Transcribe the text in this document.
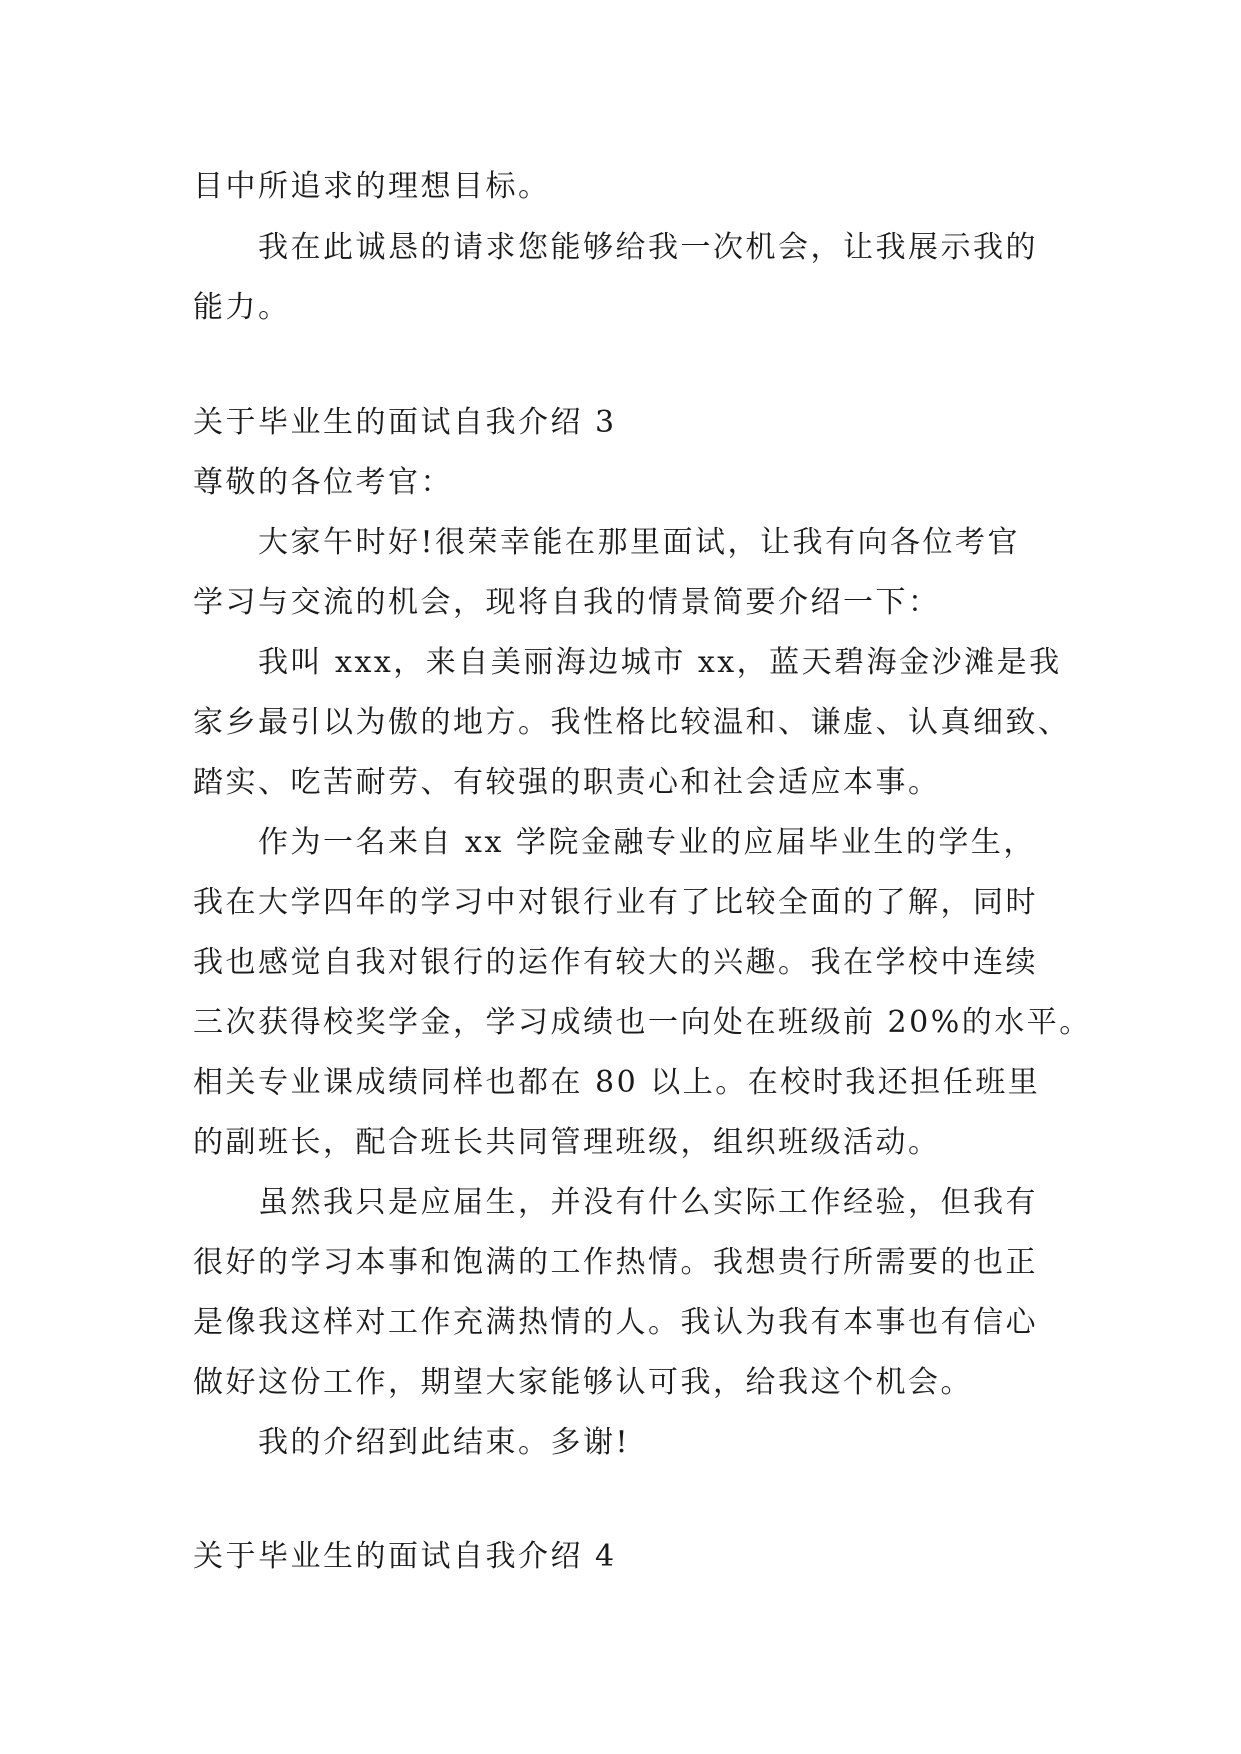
目中所追求的理想目标。

我在此诚恳的请求您能够给我一次机会，让我展示我的

能力。

关于毕业生的面试自我介绍 3

尊敬的各位考官：

大家午时好!很荣幸能在那里面试，让我有向各位考官

学习与交流的机会，现将自我的情景简要介绍一下：

我叫 xxx，来自美丽海边城市 xx，蓝天碧海金沙滩是我

家乡最引以为傲的地方。我性格比较温和、谦虚、认真细致、

踏实、吃苦耐劳、有较强的职责心和社会适应本事。

作为一名来自 xx 学院金融专业的应届毕业生的学生，

我在大学四年的学习中对银行业有了比较全面的了解，同时

我也感觉自我对银行的运作有较大的兴趣。我在学校中连续

三次获得校奖学金，学习成绩也一向处在班级前 20%的水平。

相关专业课成绩同样也都在 80 以上。在校时我还担任班里

的副班长，配合班长共同管理班级，组织班级活动。

虽然我只是应届生，并没有什么实际工作经验，但我有

很好的学习本事和饱满的工作热情。我想贵行所需要的也正

是像我这样对工作充满热情的人。我认为我有本事也有信心

做好这份工作，期望大家能够认可我，给我这个机会。

我的介绍到此结束。多谢!

关于毕业生的面试自我介绍 4
